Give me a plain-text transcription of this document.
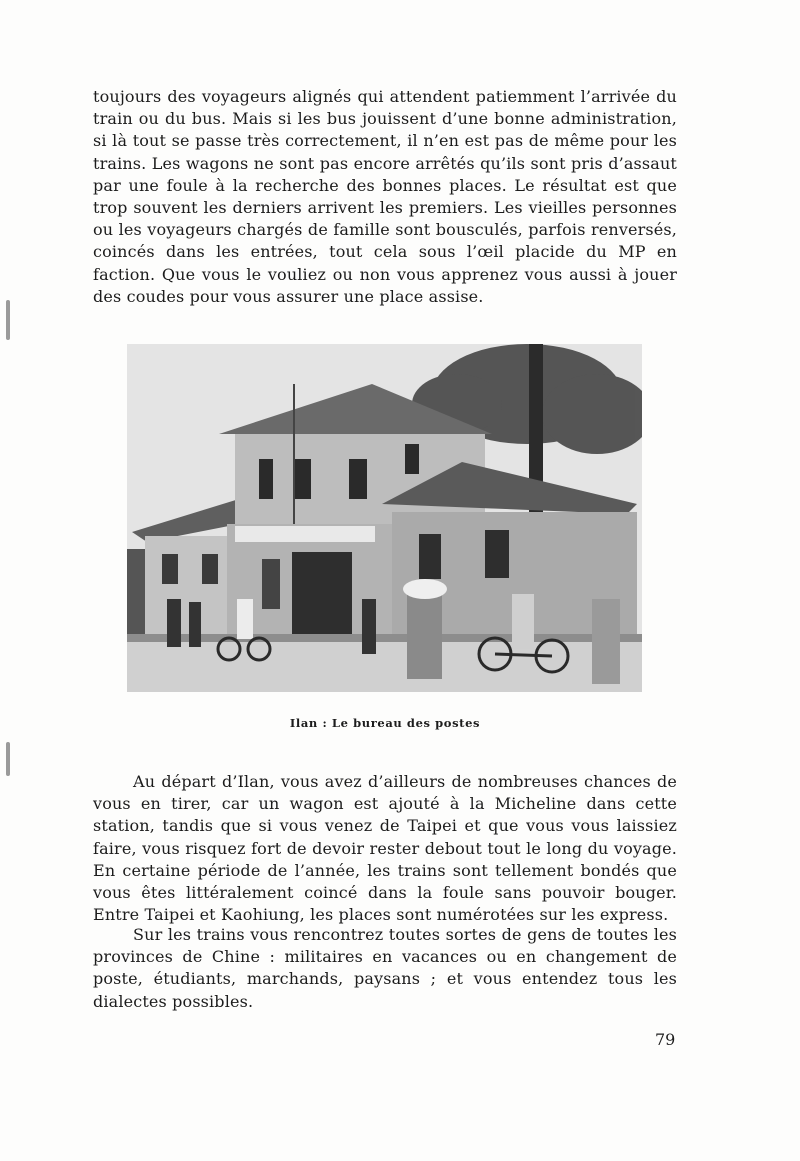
toujours des voyageurs alignés qui attendent patiemment l’arrivée du train ou du bus. Mais si les bus jouissent d’une bonne administration, si là tout se passe très correctement, il n’en est pas de même pour les trains. Les wagons ne sont pas encore arrêtés qu’ils sont pris d’assaut par une foule à la recherche des bonnes places. Le résultat est que trop souvent les derniers arrivent les premiers. Les vieilles personnes ou les voyageurs chargés de famille sont bousculés, parfois renversés, coincés dans les entrées, tout cela sous l’œil placide du MP en faction. Que vous le vouliez ou non vous apprenez vous aussi à jouer des coudes pour vous assurer une place assise.

Ilan : Le bureau des postes

Au départ d’Ilan, vous avez d’ailleurs de nombreuses chances de vous en tirer, car un wagon est ajouté à la Micheline dans cette station, tandis que si vous venez de Taipei et que vous vous laissiez faire, vous risquez fort de devoir rester debout tout le long du voyage. En certaine période de l’année, les trains sont tellement bondés que vous êtes littéralement coincé dans la foule sans pouvoir bouger. Entre Taipei et Kaohiung, les places sont numérotées sur les express.

Sur les trains vous rencontrez toutes sortes de gens de toutes les provinces de Chine : militaires en vacances ou en changement de poste, étudiants, marchands, paysans ; et vous entendez tous les dialectes possibles.

79
